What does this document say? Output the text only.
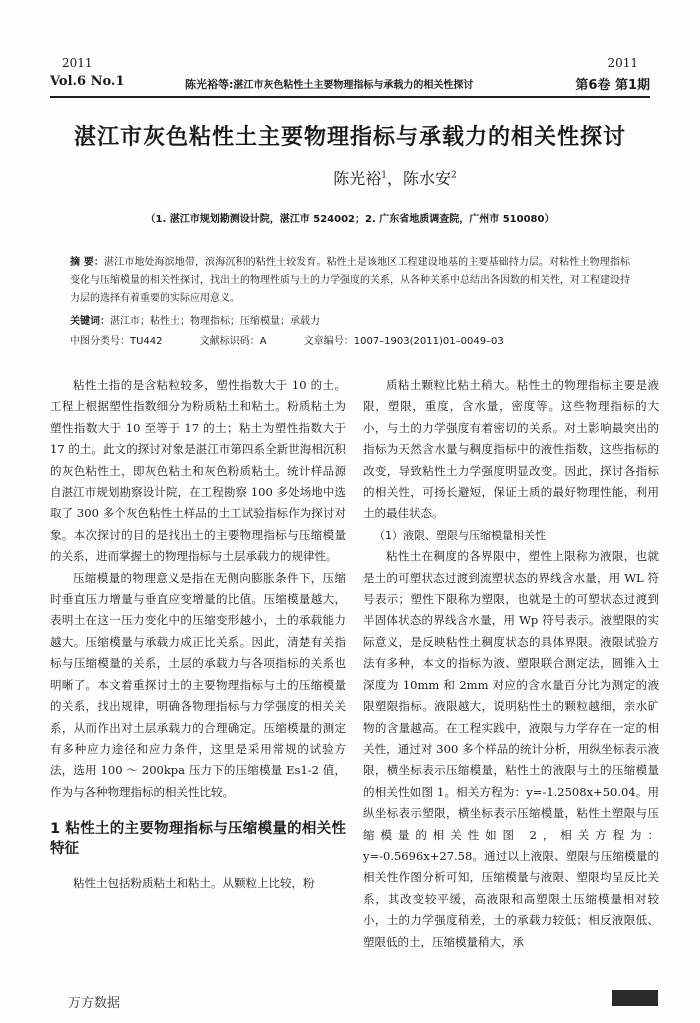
2011
Vol.6 No.1	陈光裕等:湛江市灰色粘性土主要物理指标与承载力的相关性探讨
2011
第6卷 第1期
湛江市灰色粘性土主要物理指标与承载力的相关性探讨
陈光裕$^1$，陈水安$^2$
（1. 湛江市规划勘测设计院，湛江市 524002；2. 广东省地质调查院，广州市 510080）
摘 要：湛江市地处海滨地带，滨海沉积的粘性土较发育。粘性土是该地区工程建设地基的主要基础持力层。对粘性土物理指标变化与压缩模量的相关性探讨，找出土的物理性质与土的力学强度的关系，从各种关系中总结出各因数的相关性，对工程建设持力层的选择有着重要的实际应用意义。
关键词：湛江市；粘性土；物理指标；压缩模量；承载力
中图分类号：TU442	文献标识码：A	文章编号：1007–1903(2011)01–0049–03

粘性土指的是含粘粒较多，塑性指数大于 10 的土。工程上根据塑性指数细分为粉质粘土和粘土。粉质粘土为塑性指数大于 10 至等于 17 的土；粘土为塑性指数大于 17 的土。此文的探讨对象是湛江市第四系全新世海相沉积的灰色粘性土，即灰色粘土和灰色粉质粘土。统计样品源自湛江市规划勘察设计院，在工程勘察 100 多处场地中选取了 300 多个灰色粘性土样品的土工试验指标作为探讨对象。本次探讨的目的是找出土的主要物理指标与压缩模量的关系，进而掌握土的物理指标与土层承载力的规律性。

压缩模量的物理意义是指在无侧向膨胀条件下，压缩时垂直压力增量与垂直应变增量的比值。压缩模量越大，表明土在这一压力变化中的压缩变形越小，土的承载能力越大。压缩模量与承载力成正比关系。因此，清楚有关指标与压缩模量的关系，土层的承载力与各项指标的关系也明晰了。本文着重探讨土的主要物理指标与土的压缩模量的关系，找出规律，明确各物理指标与力学强度的相关关系，从而作出对土层承载力的合理确定。压缩模量的测定有多种应力途径和应力条件，这里是采用常规的试验方法，选用 100 ～ 200kpa 压力下的压缩模量 Es1-2 值，作为与各种物理指标的相关性比较。

1 粘性土的主要物理指标与压缩模量的相关性特征

粘性土包括粉质粘土和粘土。从颗粒上比较，粉

质粘土颗粒比粘土稍大。粘性土的物理指标主要是液限，塑限，重度，含水量，密度等。这些物理指标的大小，与土的力学强度有着密切的关系。对土影响最突出的指标为天然含水量与稠度指标中的液性指数，这些指标的改变，导致粘性土力学强度明显改变。因此，探讨各指标的相关性，可扬长避短，保证土质的最好物理性能，利用土的最佳状态。

（1）液限、塑限与压缩模量相关性

粘性土在稠度的各界限中，塑性上限称为液限，也就是土的可塑状态过渡到流塑状态的界线含水量，用 WL 符号表示；塑性下限称为塑限，也就是土的可塑状态过渡到半固体状态的界线含水量，用 Wp 符号表示。液塑限的实际意义，是反映粘性土稠度状态的具体界限。液限试验方法有多种，本文的指标为液、塑限联合测定法，圆锥入土深度为 10mm 和 2mm 对应的含水量百分比为测定的液限塑限指标。液限越大，说明粘性土的颗粒越细，亲水矿物的含量越高。在工程实践中，液限与力学存在一定的相关性，通过对 300 多个样品的统计分析，用纵坐标表示液限，横坐标表示压缩模量，粘性土的液限与土的压缩模量的相关性如图 1。相关方程为：y=-1.2508x+50.04。用纵坐标表示塑限，横坐标表示压缩模量，粘性土塑限与压缩模量的相关性如图 2，相关方程为：y=-0.5696x+27.58。通过以上液限、塑限与压缩模量的相关性作图分析可知，压缩模量与液限、塑限均呈反比关系，其改变较平缓，高液限和高塑限土压缩模量相对较小，土的力学强度稍差，土的承载力较低；相反液限低、塑限低的土，压缩模量稍大，承

万方数据
